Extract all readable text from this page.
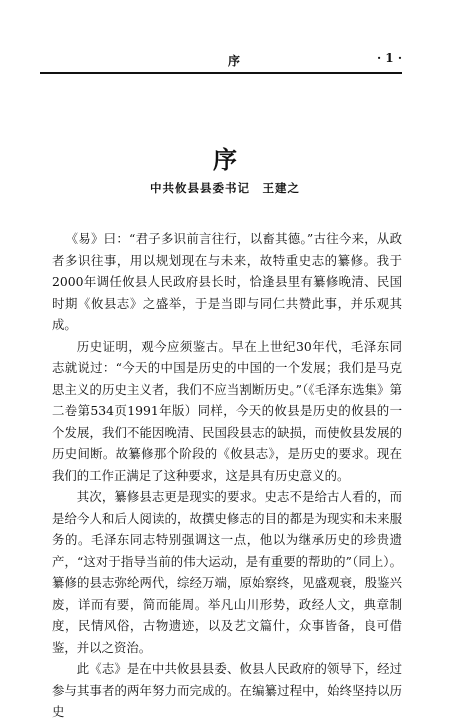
序	· 1 ·
序
中共攸县县委书记　王建之

《易》曰：“君子多识前言往行，以畜其德。”古往今来，从政者多识往事，用以规划现在与未来，故特重史志的纂修。我于2000年调任攸县人民政府县长时，恰逢县里有纂修晚清、民国时期《攸县志》之盛举，于是当即与同仁共赞此事，并乐观其成。

历史证明，观今应须鉴古。早在上世纪30年代，毛泽东同志就说过：“今天的中国是历史的中国的一个发展；我们是马克思主义的历史主义者，我们不应当割断历史。”（《毛泽东选集》第二卷第534页1991年版）同样，今天的攸县是历史的攸县的一个发展，我们不能因晚清、民国段县志的缺损，而使攸县发展的历史间断。故纂修那个阶段的《攸县志》，是历史的要求。现在我们的工作正满足了这种要求，这是具有历史意义的。

其次，纂修县志更是现实的要求。史志不是给古人看的，而是给今人和后人阅读的，故撰史修志的目的都是为现实和未来服务的。毛泽东同志特别强调这一点，他以为继承历史的珍贵遗产，“这对于指导当前的伟大运动，是有重要的帮助的”（同上）。纂修的县志弥纶两代，综经万端，原始察终，见盛观衰，殷鉴兴废，详而有要，简而能周。举凡山川形势，政经人文，典章制度，民情风俗，古物遗迹，以及艺文篇什，众事皆备，良可借鉴，并以之资治。

此《志》是在中共攸县县委、攸县人民政府的领导下，经过参与其事者的两年努力而完成的。在编纂过程中，始终坚持以历史
